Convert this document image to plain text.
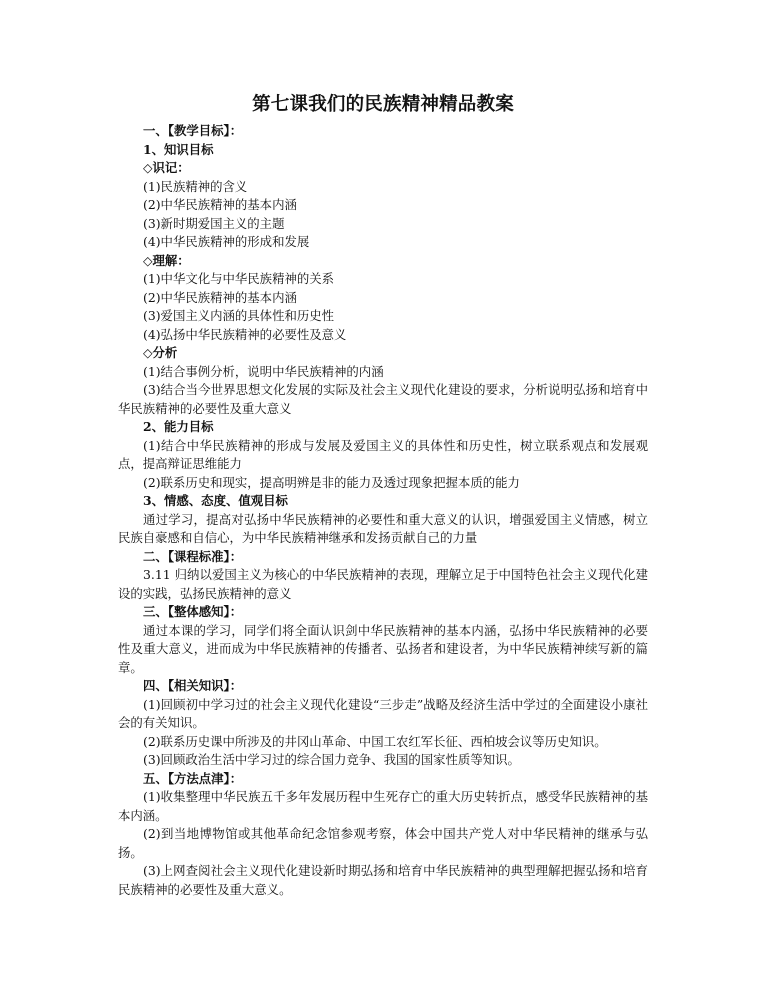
第七课我们的民族精神精品教案

一、【教学目标】：

1、知识目标

◇识记：

(1)民族精神的含义

(2)中华民族精神的基本内涵

(3)新时期爱国主义的主题

(4)中华民族精神的形成和发展

◇理解：

(1)中华文化与中华民族精神的关系

(2)中华民族精神的基本内涵

(3)爱国主义内涵的具体性和历史性

(4)弘扬中华民族精神的必要性及意义

◇分析

(1)结合事例分析，说明中华民族精神的内涵

(3)结合当今世界思想文化发展的实际及社会主义现代化建设的要求，分析说明弘扬和培育中华民族精神的必要性及重大意义

2、能力目标

(1)结合中华民族精神的形成与发展及爱国主义的具体性和历史性，树立联系观点和发展观点，提高辩证思维能力

(2)联系历史和现实，提高明辨是非的能力及透过现象把握本质的能力

3、情感、态度、值观目标

通过学习，提高对弘扬中华民族精神的必要性和重大意义的认识，增强爱国主义情感，树立民族自豪感和自信心，为中华民族精神继承和发扬贡献自己的力量

二、【课程标准】：

3.11 归纳以爱国主义为核心的中华民族精神的表现，理解立足于中国特色社会主义现代化建设的实践，弘扬民族精神的意义

三、【整体感知】：

通过本课的学习，同学们将全面认识剑中华民族精神的基本内涵，弘扬中华民族精神的必要性及重大意义，进而成为中华民族精神的传播者、弘扬者和建设者，为中华民族精神续写新的篇章。

四、【相关知识】：

(1)回顾初中学习过的社会主义现代化建设“三步走”战略及经济生活中学过的全面建设小康社会的有关知识。

(2)联系历史课中所涉及的井冈山革命、中国工农红军长征、西柏坡会议等历史知识。

(3)回顾政治生活中学习过的综合国力竞争、我国的国家性质等知识。

五、【方法点津】：

(1)收集整理中华民族五千多年发展历程中生死存亡的重大历史转折点，感受华民族精神的基本内涵。

(2)到当地博物馆或其他革命纪念馆参观考察，体会中国共产党人对中华民精神的继承与弘扬。

(3)上网查阅社会主义现代化建设新时期弘扬和培育中华民族精神的典型理解把握弘扬和培育民族精神的必要性及重大意义。
